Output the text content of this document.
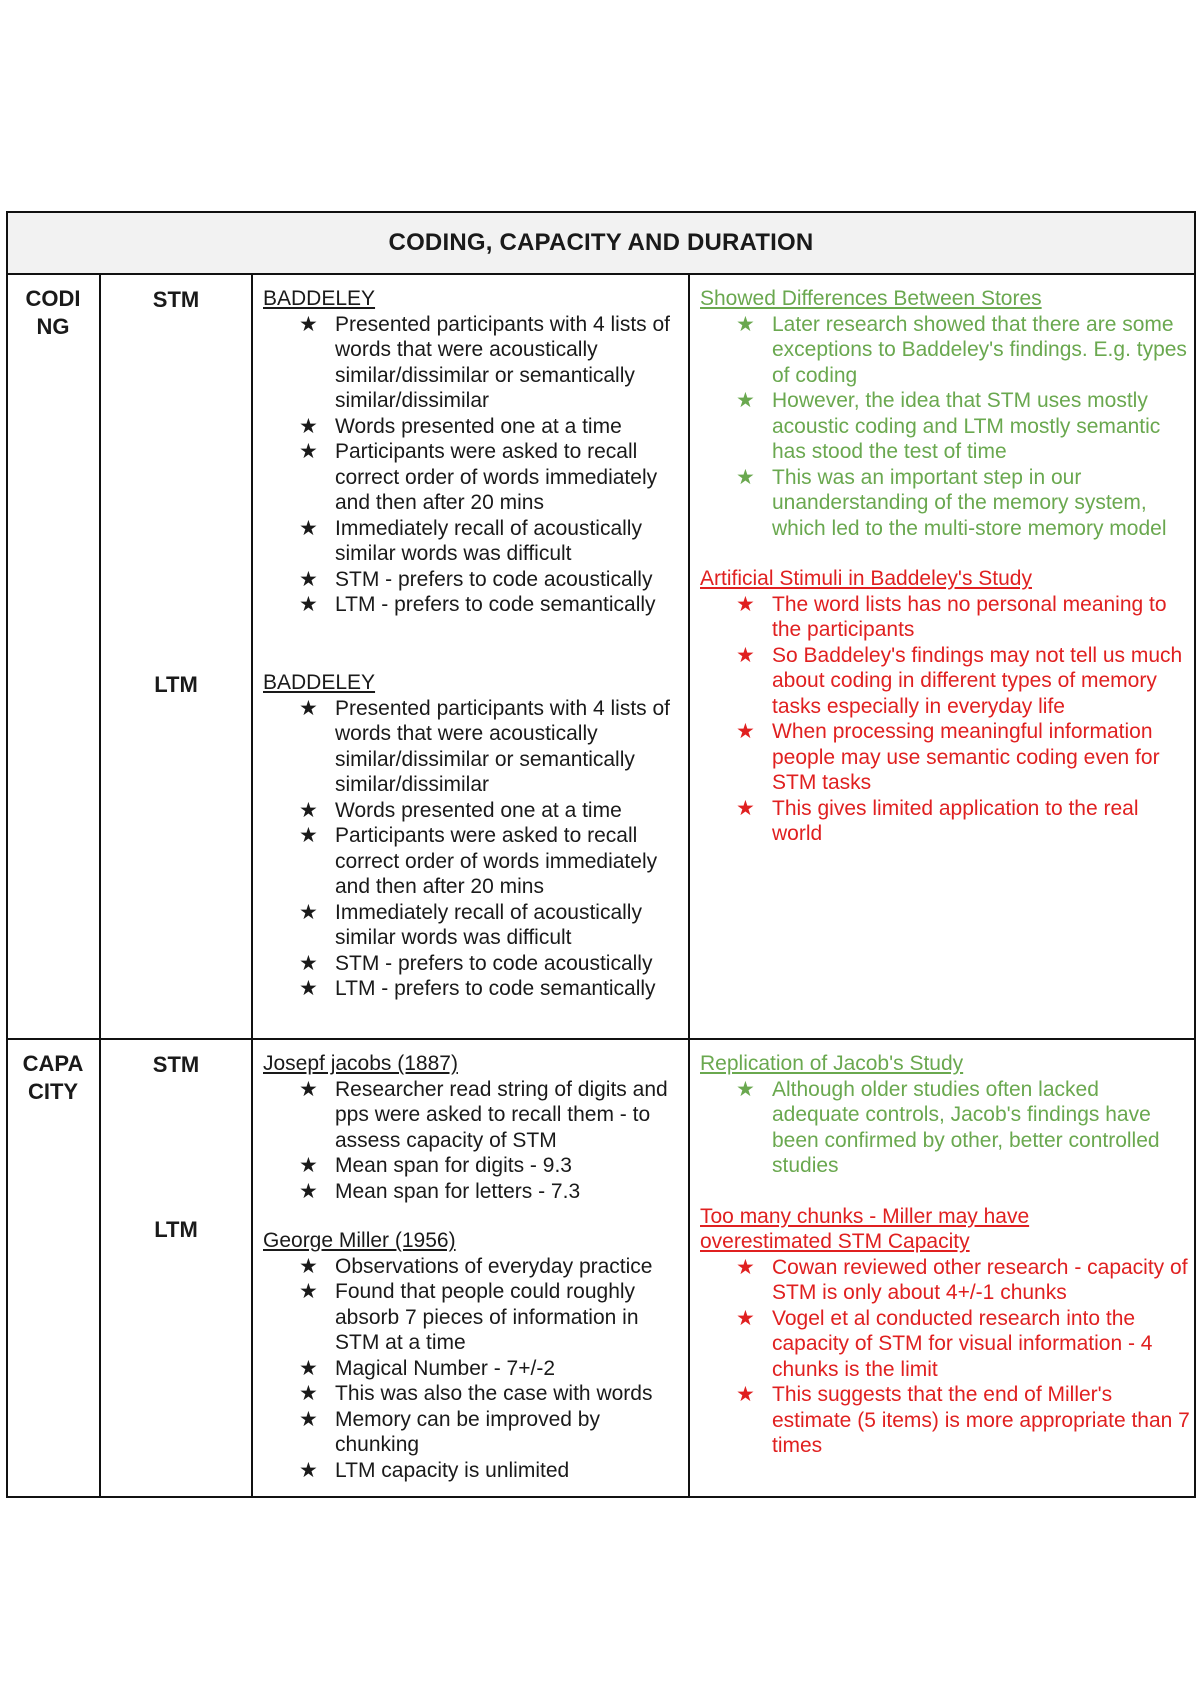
CODING, CAPACITY AND DURATION
CODI
NG
STM
LTM
BADDELEY
★ Presented participants with 4 lists of words that were acoustically similar/dissimilar or semantically similar/dissimilar
★ Words presented one at a time
★ Participants were asked to recall correct order of words immediately and then after 20 mins
★ Immediately recall of acoustically similar words was difficult
★ STM - prefers to code acoustically
★ LTM - prefers to code semantically
BADDELEY
★ Presented participants with 4 lists of words that were acoustically similar/dissimilar or semantically similar/dissimilar
★ Words presented one at a time
★ Participants were asked to recall correct order of words immediately and then after 20 mins
★ Immediately recall of acoustically similar words was difficult
★ STM - prefers to code acoustically
★ LTM - prefers to code semantically
Showed Differences Between Stores
★ Later research showed that there are some exceptions to Baddeley's findings. E.g. types of coding
★ However, the idea that STM uses mostly acoustic coding and LTM mostly semantic has stood the test of time
★ This was an important step in our unanderstanding of the memory system, which led to the multi-store memory model
Artificial Stimuli in Baddeley's Study
★ The word lists has no personal meaning to the participants
★ So Baddeley's findings may not tell us much about coding in different types of memory tasks especially in everyday life
★ When processing meaningful information people may use semantic coding even for STM tasks
★ This gives limited application to the real world
CAPA
CITY
STM
LTM
Josepf jacobs (1887)
★ Researcher read string of digits and pps were asked to recall them - to assess capacity of STM
★ Mean span for digits - 9.3
★ Mean span for letters - 7.3
George Miller (1956)
★ Observations of everyday practice
★ Found that people could roughly absorb 7 pieces of information in STM at a time
★ Magical Number - 7+/-2
★ This was also the case with words
★ Memory can be improved by chunking
★ LTM capacity is unlimited
Replication of Jacob's Study
★ Although older studies often lacked adequate controls, Jacob's findings have been confirmed by other, better controlled studies
Too many chunks - Miller may have overestimated STM Capacity
★ Cowan reviewed other research - capacity of STM is only about 4+/-1 chunks
★ Vogel et al conducted research into the capacity of STM for visual information - 4 chunks is the limit
★ This suggests that the end of Miller's estimate (5 items) is more appropriate than 7 times
